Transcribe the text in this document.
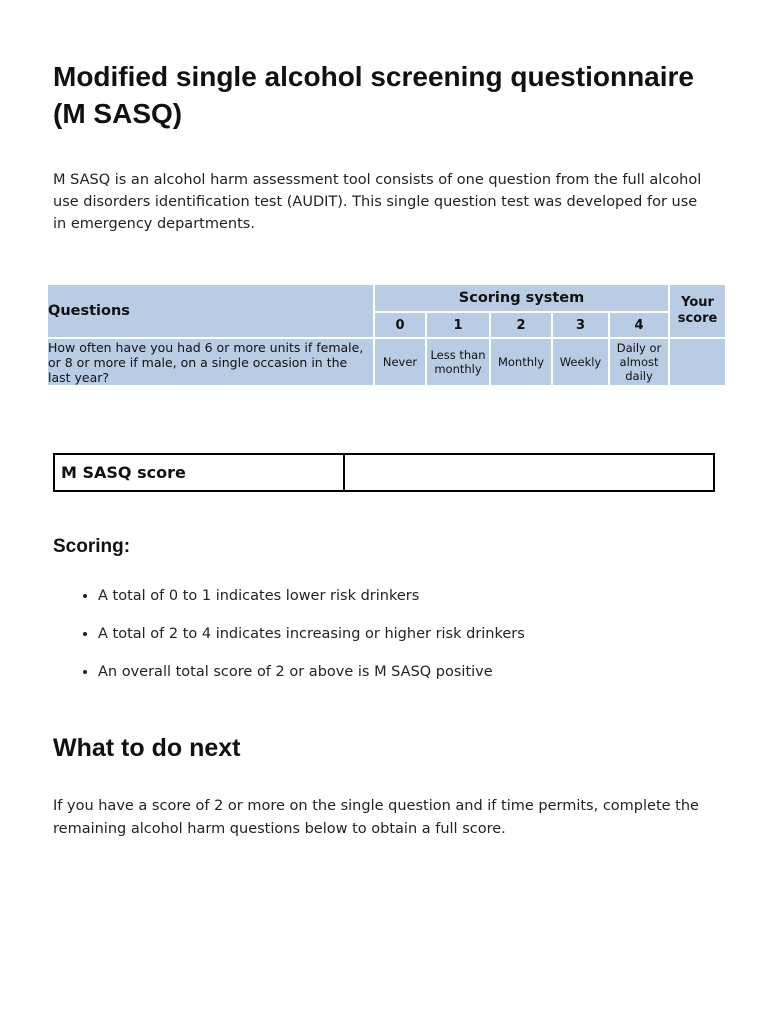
Modified single alcohol screening questionnaire (M SASQ)

M SASQ is an alcohol harm assessment tool consists of one question from the full alcohol use disorders identification test (AUDIT). This single question test was developed for use in emergency departments.

Questions	Scoring system					Your score
	0	1	2	3	4	
How often have you had 6 or more units if female, or 8 or more if male, on a single occasion in the last year?	Never	Less than monthly	Monthly	Weekly	Daily or almost daily	
M SASQ score	
Scoring:
• A total of 0 to 1 indicates lower risk drinkers
• A total of 2 to 4 indicates increasing or higher risk drinkers
• An overall total score of 2 or above is M SASQ positive
What to do next

If you have a score of 2 or more on the single question and if time permits, complete the remaining alcohol harm questions below to obtain a full score.
